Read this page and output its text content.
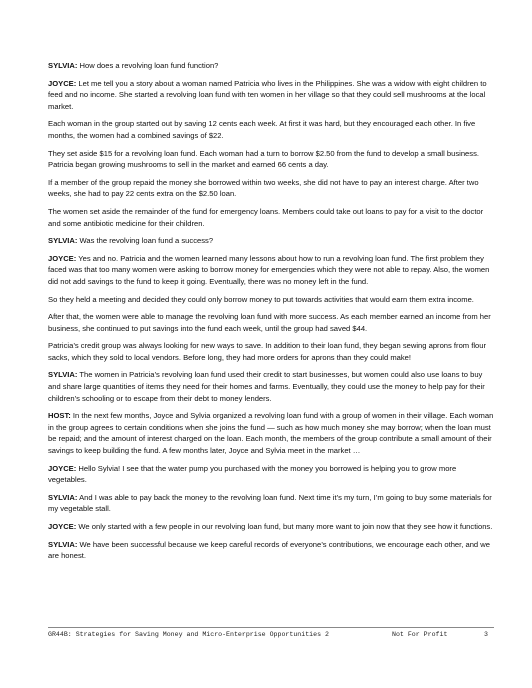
SYLVIA: How does a revolving loan fund function?

JOYCE: Let me tell you a story about a woman named Patricia who lives in the Philippines. She was a widow with eight children to feed and no income. She started a revolving loan fund with ten women in her village so that they could sell mushrooms at the local market.

Each woman in the group started out by saving 12 cents each week. At first it was hard, but they encouraged each other. In five months, the women had a combined savings of $22.

They set aside $15 for a revolving loan fund. Each woman had a turn to borrow $2.50 from the fund to develop a small business. Patricia began growing mushrooms to sell in the market and earned 66 cents a day.

If a member of the group repaid the money she borrowed within two weeks, she did not have to pay an interest charge. After two weeks, she had to pay 22 cents extra on the $2.50 loan.

The women set aside the remainder of the fund for emergency loans. Members could take out loans to pay for a visit to the doctor and some antibiotic medicine for their children.

SYLVIA: Was the revolving loan fund a success?

JOYCE: Yes and no. Patricia and the women learned many lessons about how to run a revolving loan fund. The first problem they faced was that too many women were asking to borrow money for emergencies which they were not able to repay. Also, the women did not add savings to the fund to keep it going. Eventually, there was no money left in the fund.

So they held a meeting and decided they could only borrow money to put towards activities that would earn them extra income.

After that, the women were able to manage the revolving loan fund with more success. As each member earned an income from her business, she continued to put savings into the fund each week, until the group had saved $44.

Patricia’s credit group was always looking for new ways to save. In addition to their loan fund, they began sewing aprons from flour sacks, which they sold to local vendors. Before long, they had more orders for aprons than they could make!

SYLVIA: The women in Patricia’s revolving loan fund used their credit to start businesses, but women could also use loans to buy and share large quantities of items they need for their homes and farms. Eventually, they could use the money to help pay for their children’s schooling or to escape from their debt to money lenders.

HOST: In the next few months, Joyce and Sylvia organized a revolving loan fund with a group of women in their village. Each woman in the group agrees to certain conditions when she joins the fund — such as how much money she may borrow; when the loan must be repaid; and the amount of interest charged on the loan. Each month, the members of the group contribute a small amount of their savings to keep building the fund. A few months later, Joyce and Sylvia meet in the market …

JOYCE: Hello Sylvia! I see that the water pump you purchased with the money you borrowed is helping you to grow more vegetables.

SYLVIA: And I was able to pay back the money to the revolving loan fund. Next time it’s my turn, I’m going to buy some materials for my vegetable stall.

JOYCE: We only started with a few people in our revolving loan fund, but many more want to join now that they see how it functions.

SYLVIA: We have been successful because we keep careful records of everyone’s contributions, we encourage each other, and we are honest.

GR44B: Strategies for Saving Money and Micro-Enterprise Opportunities 2	Not For Profit	3
